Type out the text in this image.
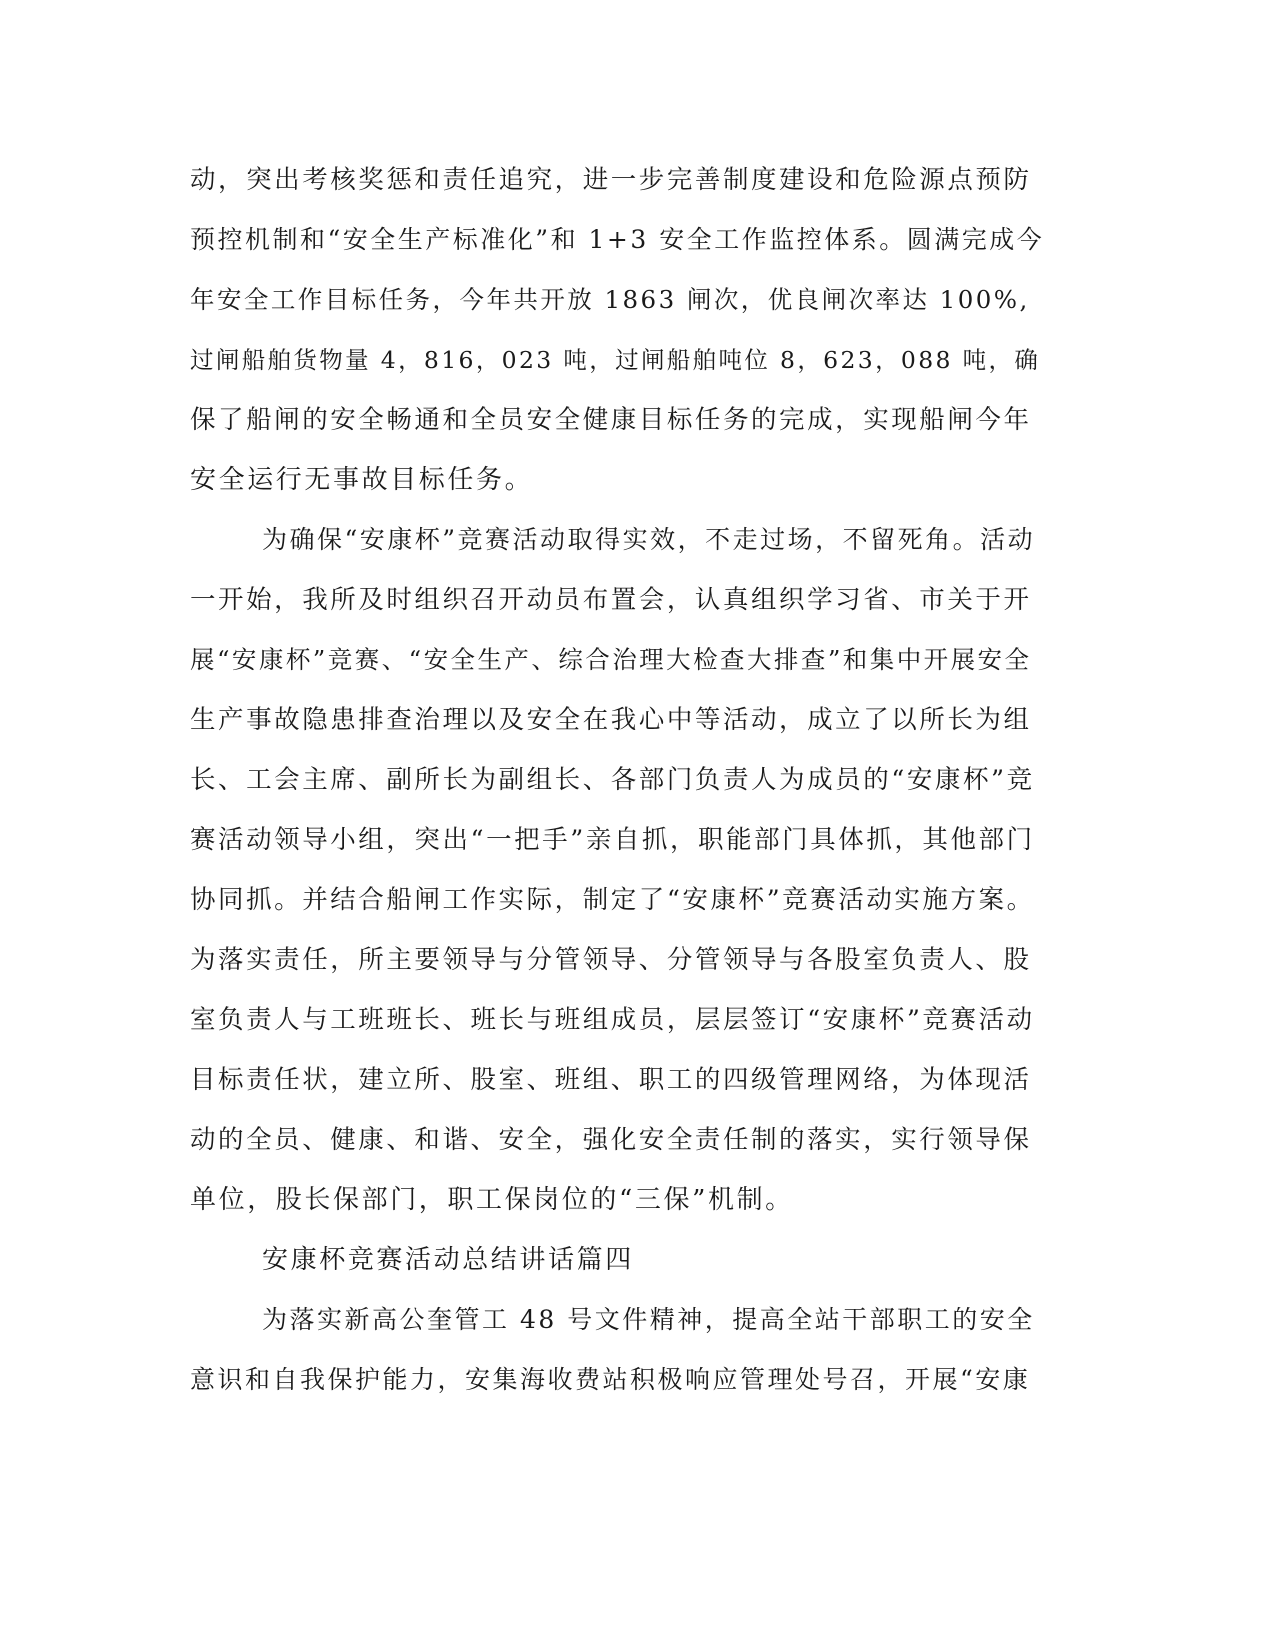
动，突出考核奖惩和责任追究，进一步完善制度建设和危险源点预防

预控机制和“安全生产标准化”和 1+3 安全工作监控体系。圆满完成今

年安全工作目标任务，今年共开放 1863 闸次，优良闸次率达 100%,

过闸船舶货物量 4，816，023 吨，过闸船舶吨位 8，623，088 吨，确

保了船闸的安全畅通和全员安全健康目标任务的完成，实现船闸今年

安全运行无事故目标任务。

为确保“安康杯”竞赛活动取得实效，不走过场，不留死角。活动

一开始，我所及时组织召开动员布置会，认真组织学习省、市关于开

展“安康杯”竞赛、“安全生产、综合治理大检查大排查”和集中开展安全

生产事故隐患排查治理以及安全在我心中等活动，成立了以所长为组

长、工会主席、副所长为副组长、各部门负责人为成员的“安康杯”竞

赛活动领导小组，突出“一把手”亲自抓，职能部门具体抓，其他部门

协同抓。并结合船闸工作实际，制定了“安康杯”竞赛活动实施方案。

为落实责任，所主要领导与分管领导、分管领导与各股室负责人、股

室负责人与工班班长、班长与班组成员，层层签订“安康杯”竞赛活动

目标责任状，建立所、股室、班组、职工的四级管理网络，为体现活

动的全员、健康、和谐、安全，强化安全责任制的落实，实行领导保

单位，股长保部门，职工保岗位的“三保”机制。

安康杯竞赛活动总结讲话篇四

为落实新高公奎管工 48 号文件精神，提高全站干部职工的安全

意识和自我保护能力，安集海收费站积极响应管理处号召，开展“安康
